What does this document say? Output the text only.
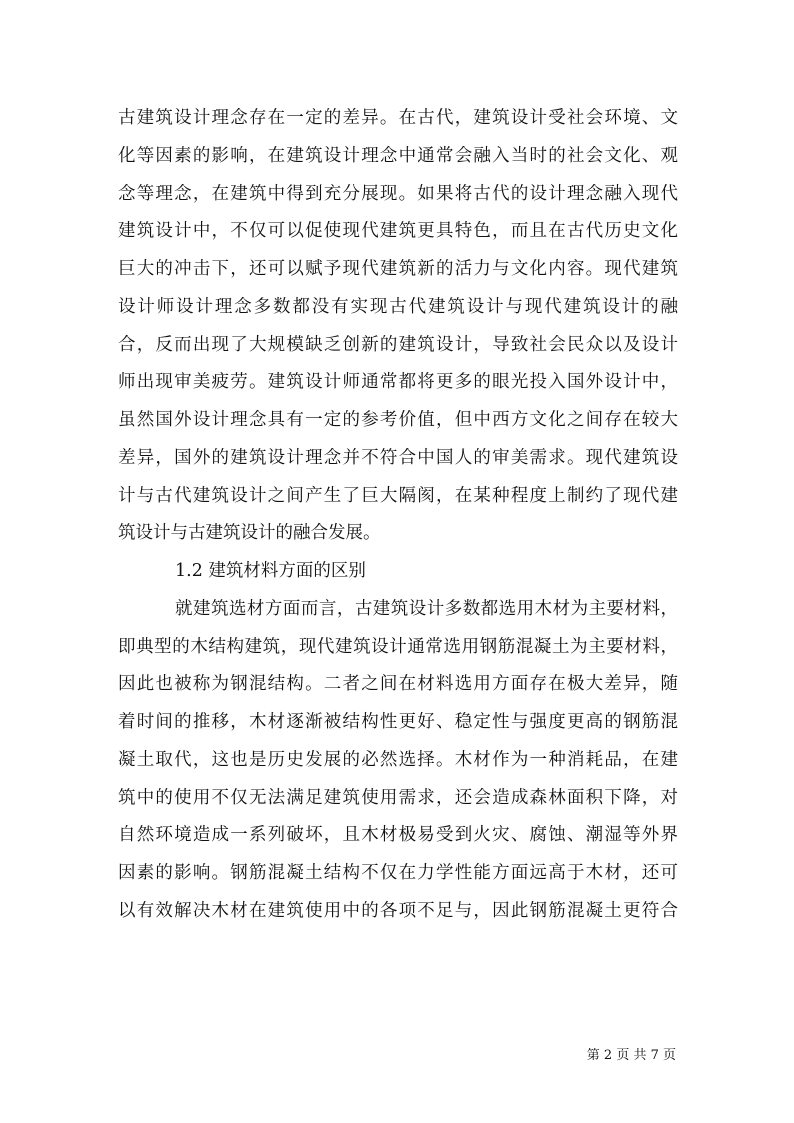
古建筑设计理念存在一定的差异。在古代，建筑设计受社会环境、文
化等因素的影响，在建筑设计理念中通常会融入当时的社会文化、观
念等理念，在建筑中得到充分展现。如果将古代的设计理念融入现代
建筑设计中，不仅可以促使现代建筑更具特色，而且在古代历史文化
巨大的冲击下，还可以赋予现代建筑新的活力与文化内容。现代建筑
设计师设计理念多数都没有实现古代建筑设计与现代建筑设计的融
合，反而出现了大规模缺乏创新的建筑设计，导致社会民众以及设计
师出现审美疲劳。建筑设计师通常都将更多的眼光投入国外设计中，
虽然国外设计理念具有一定的参考价值，但中西方文化之间存在较大
差异，国外的建筑设计理念并不符合中国人的审美需求。现代建筑设
计与古代建筑设计之间产生了巨大隔阂，在某种程度上制约了现代建
筑设计与古建筑设计的融合发展。
1.2 建筑材料方面的区别
就建筑选材方面而言，古建筑设计多数都选用木材为主要材料，
即典型的木结构建筑，现代建筑设计通常选用钢筋混凝土为主要材料，
因此也被称为钢混结构。二者之间在材料选用方面存在极大差异，随
着时间的推移，木材逐渐被结构性更好、稳定性与强度更高的钢筋混
凝土取代，这也是历史发展的必然选择。木材作为一种消耗品，在建
筑中的使用不仅无法满足建筑使用需求，还会造成森林面积下降，对
自然环境造成一系列破坏，且木材极易受到火灾、腐蚀、潮湿等外界
因素的影响。钢筋混凝土结构不仅在力学性能方面远高于木材，还可
以有效解决木材在建筑使用中的各项不足与，因此钢筋混凝土更符合
第 2 页 共 7 页
